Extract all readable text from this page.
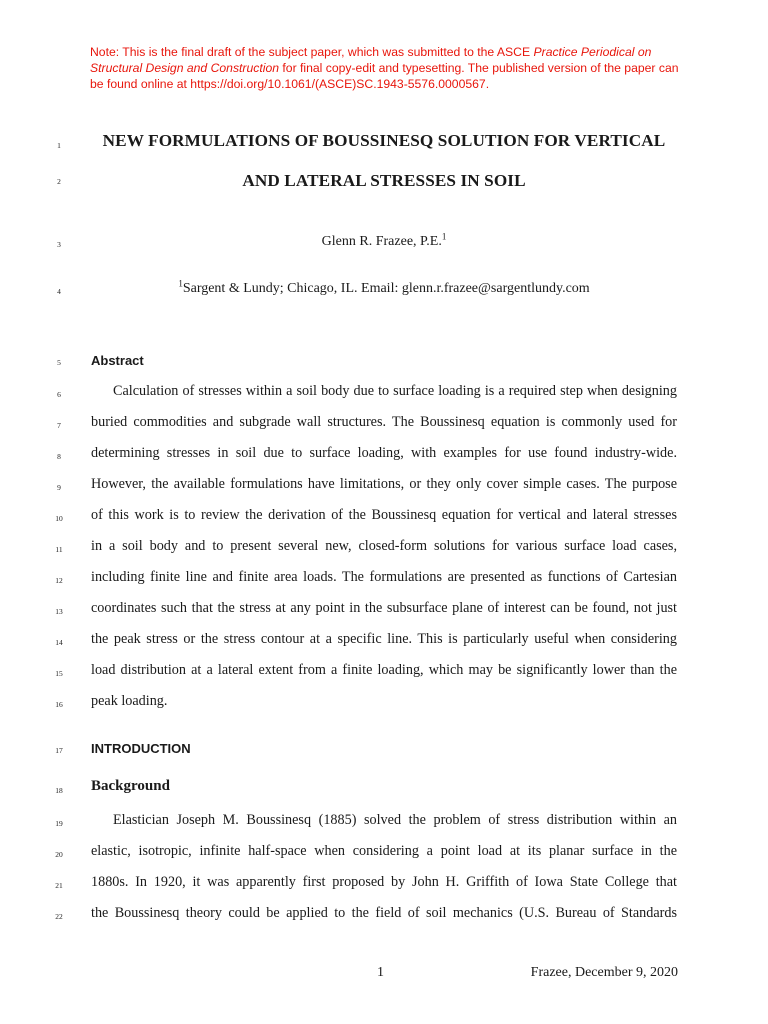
Note: This is the final draft of the subject paper, which was submitted to the ASCE Practice Periodical on Structural Design and Construction for final copy-edit and typesetting. The published version of the paper can be found online at https://doi.org/10.1061/(ASCE)SC.1943-5576.0000567.
1
2
3
4
5
6
7
8
9
10
11
12
13
14
15
16
17
18
19
20
21
22
NEW FORMULATIONS OF BOUSSINESQ SOLUTION FOR VERTICAL
AND LATERAL STRESSES IN SOIL
Glenn R. Frazee, P.E.$^1$
$^1$Sargent & Lundy; Chicago, IL. Email: glenn.r.frazee@sargentlundy.com
Abstract
Calculation of stresses within a soil body due to surface loading is a required step when designing
buried commodities and subgrade wall structures. The Boussinesq equation is commonly used for
determining stresses in soil due to surface loading, with examples for use found industry-wide.
However, the available formulations have limitations, or they only cover simple cases. The purpose
of this work is to review the derivation of the Boussinesq equation for vertical and lateral stresses
in a soil body and to present several new, closed-form solutions for various surface load cases,
including finite line and finite area loads. The formulations are presented as functions of Cartesian
coordinates such that the stress at any point in the subsurface plane of interest can be found, not just
the peak stress or the stress contour at a specific line. This is particularly useful when considering
load distribution at a lateral extent from a finite loading, which may be significantly lower than the
peak loading.
INTRODUCTION
Background
Elastician Joseph M. Boussinesq (1885) solved the problem of stress distribution within an
elastic, isotropic, infinite half-space when considering a point load at its planar surface in the
1880s. In 1920, it was apparently first proposed by John H. Griffith of Iowa State College that
the Boussinesq theory could be applied to the field of soil mechanics (U.S. Bureau of Standards
1	Frazee, December 9, 2020
